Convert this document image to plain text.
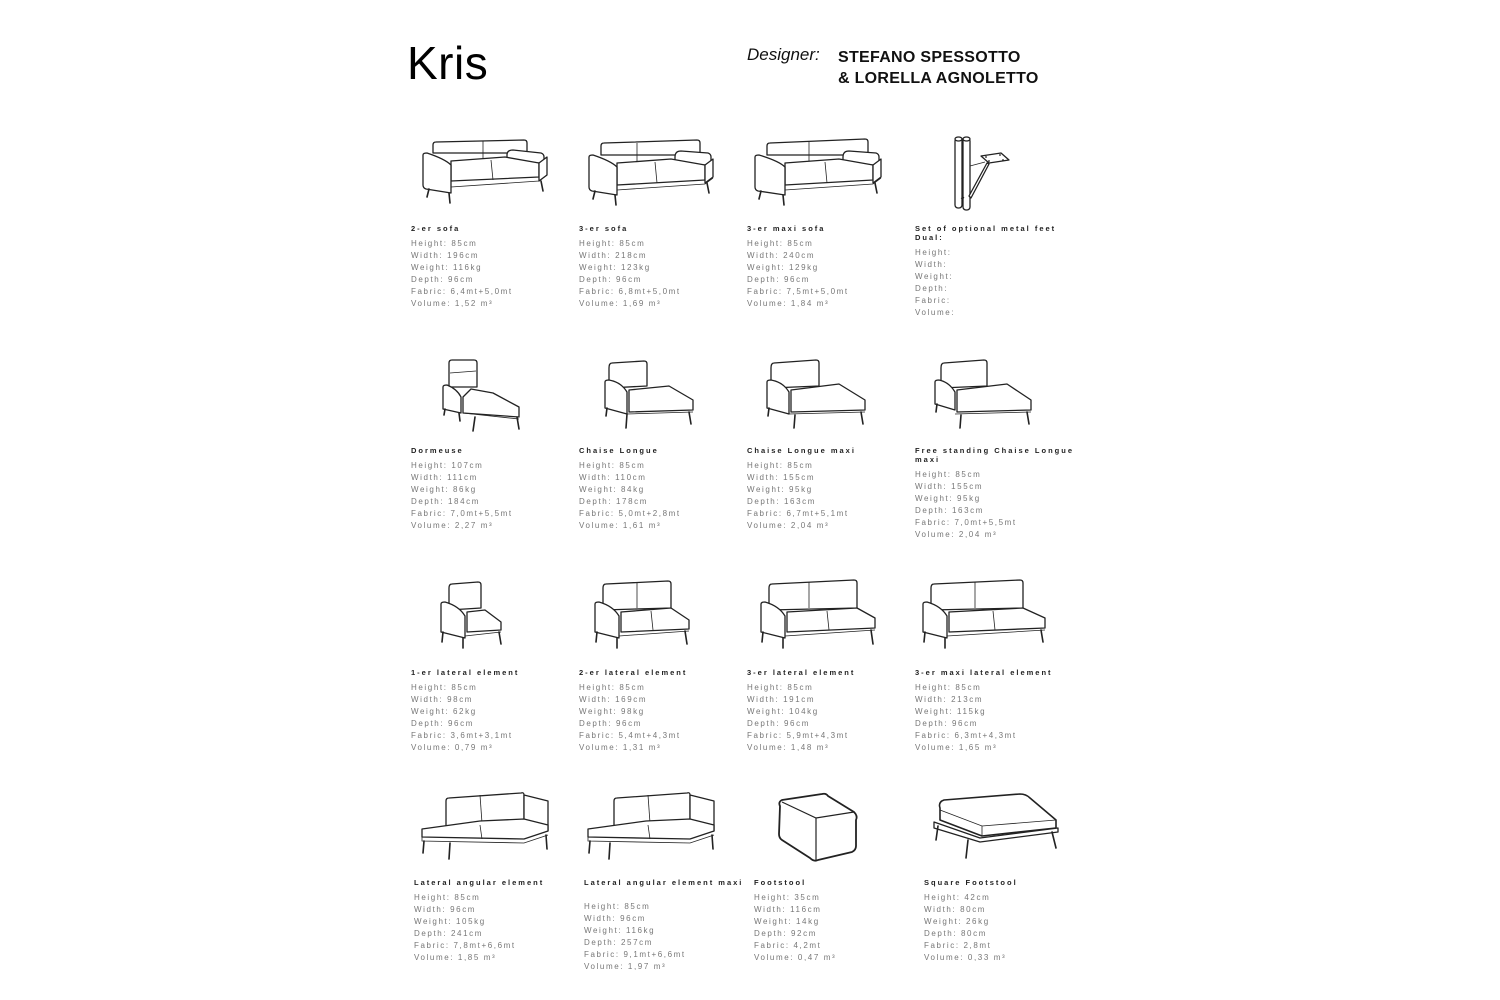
Kris	Designer: STEFANO SPESSOTTO
& LORELLA AGNOLETTO
2-er sofa
Height: 85cm
Width: 196cm
Weight: 116kg
Depth: 96cm
Fabric: 6,4mt+5,0mt
Volume: 1,52 m³
3-er sofa
Height: 85cm
Width: 218cm
Weight: 123kg
Depth: 96cm
Fabric: 6,8mt+5,0mt
Volume: 1,69 m³
3-er maxi sofa
Height: 85cm
Width: 240cm
Weight: 129kg
Depth: 96cm
Fabric: 7,5mt+5,0mt
Volume: 1,84 m³
Set of optional metal feet Dual:
Height:
Width:
Weight:
Depth:
Fabric:
Volume:
Dormeuse
Height: 107cm
Width: 111cm
Weight: 86kg
Depth: 184cm
Fabric: 7,0mt+5,5mt
Volume: 2,27 m³
Chaise Longue
Height: 85cm
Width: 110cm
Weight: 84kg
Depth: 178cm
Fabric: 5,0mt+2,8mt
Volume: 1,61 m³
Chaise Longue maxi
Height: 85cm
Width: 155cm
Weight: 95kg
Depth: 163cm
Fabric: 6,7mt+5,1mt
Volume: 2,04 m³
Free standing Chaise Longue maxi
Height: 85cm
Width: 155cm
Weight: 95kg
Depth: 163cm
Fabric: 7,0mt+5,5mt
Volume: 2,04 m³
1-er lateral element
Height: 85cm
Width: 98cm
Weight: 62kg
Depth: 96cm
Fabric: 3,6mt+3,1mt
Volume: 0,79 m³
2-er lateral element
Height: 85cm
Width: 169cm
Weight: 98kg
Depth: 96cm
Fabric: 5,4mt+4,3mt
Volume: 1,31 m³
3-er lateral element
Height: 85cm
Width: 191cm
Weight: 104kg
Depth: 96cm
Fabric: 5,9mt+4,3mt
Volume: 1,48 m³
3-er maxi lateral element
Height: 85cm
Width: 213cm
Weight: 115kg
Depth: 96cm
Fabric: 6,3mt+4,3mt
Volume: 1,65 m³
Lateral angular element
Height: 85cm
Width: 96cm
Weight: 105kg
Depth: 241cm
Fabric: 7,8mt+6,6mt
Volume: 1,85 m³
Lateral angular element maxi
Height: 85cm
Width: 96cm
Weight: 116kg
Depth: 257cm
Fabric: 9,1mt+6,6mt
Volume: 1,97 m³
Footstool
Height: 35cm
Width: 116cm
Weight: 14kg
Depth: 92cm
Fabric: 4,2mt
Volume: 0,47 m³
Square Footstool
Height: 42cm
Width: 80cm
Weight: 26kg
Depth: 80cm
Fabric: 2,8mt
Volume: 0,33 m³
